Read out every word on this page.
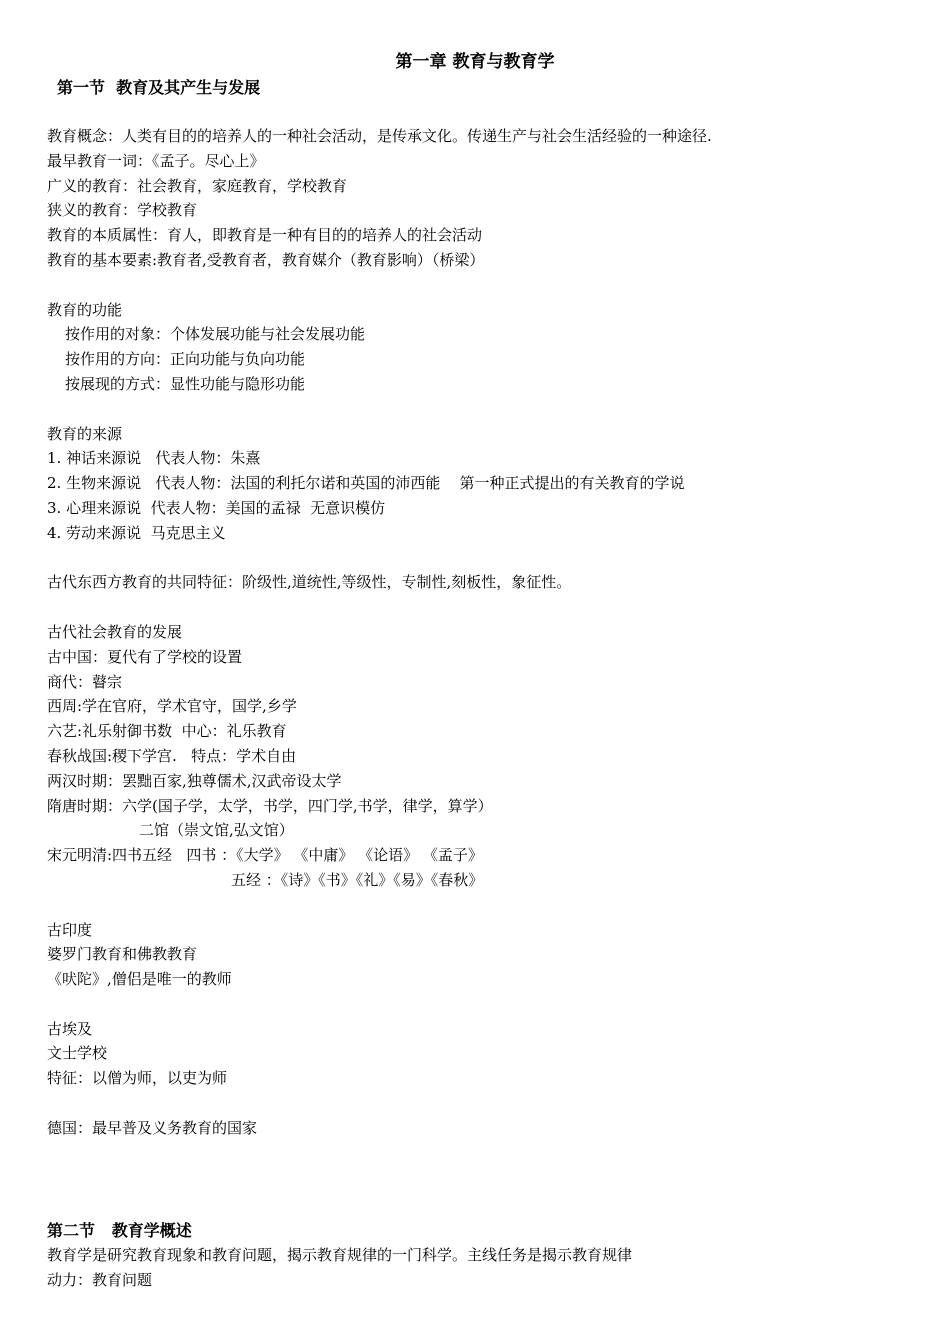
第一章 教育与教育学
第一节  教育及其产生与发展
教育概念：人类有目的的培养人的一种社会活动，是传承文化。传递生产与社会生活经验的一种途径.
最早教育一词：《孟子。尽心上》
广义的教育：社会教育，家庭教育，学校教育
狭义的教育：学校教育
教育的本质属性：育人，即教育是一种有目的的培养人的社会活动
教育的基本要素:教育者,受教育者，教育媒介（教育影响）（桥梁）
教育的功能
按作用的对象：个体发展功能与社会发展功能
按作用的方向：正向功能与负向功能
按展现的方式：显性功能与隐形功能
教育的来源
1. 神话来源说   代表人物：朱熹
2. 生物来源说   代表人物：法国的利托尔诺和英国的沛西能    第一种正式提出的有关教育的学说
3. 心理来源说  代表人物：美国的孟禄  无意识模仿
4. 劳动来源说  马克思主义
古代东西方教育的共同特征：阶级性,道统性,等级性，专制性,刻板性，象征性。
古代社会教育的发展
古中国：夏代有了学校的设置
商代：瞽宗
西周:学在官府，学术官守，国学,乡学
六艺:礼乐射御书数  中心：礼乐教育
春秋战国:稷下学宫.   特点：学术自由
两汉时期：罢黜百家,独尊儒术,汉武帝设太学
隋唐时期：六学(国子学，太学，书学，四门学,书学，律学，算学）
二馆（崇文馆,弘文馆）
宋元明清:四书五经   四书 ：《大学》 《中庸》 《论语》 《孟子》
五经 ：《诗》《书》《礼》《易》《春秋》
古印度
婆罗门教育和佛教教育
《吠陀》,僧侣是唯一的教师
古埃及
文士学校
特征：以僧为师，以吏为师
德国：最早普及义务教育的国家
第二节   教育学概述
教育学是研究教育现象和教育问题，揭示教育规律的一门科学。主线任务是揭示教育规律
动力：教育问题
